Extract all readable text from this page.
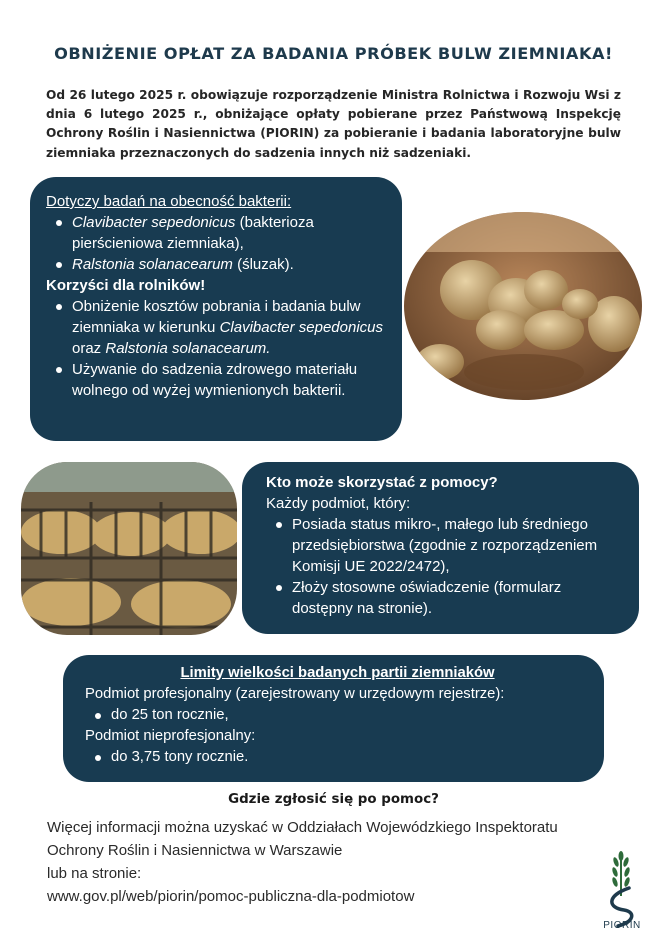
OBNIŻENIE OPŁAT ZA BADANIA PRÓBEK BULW ZIEMNIAKA!
Od 26 lutego 2025 r. obowiązuje rozporządzenie Ministra Rolnictwa i Rozwoju Wsi z dnia 6 lutego 2025 r., obniżające opłaty pobierane przez Państwową Inspekcję Ochrony Roślin i Nasiennictwa (PIORIN) za pobieranie i badania laboratoryjne bulw ziemniaka przeznaczonych do sadzenia innych niż sadzeniaki.
Dotyczy badań na obecność bakterii:
Clavibacter sepedonicus (bakterioza pierścieniowa ziemniaka),
Ralstonia solanacearum (śluzak).
Korzyści dla rolników!
Obniżenie kosztów pobrania i badania bulw ziemniaka w kierunku Clavibacter sepedonicus oraz Ralstonia solanacearum.
Używanie do sadzenia zdrowego materiału wolnego od wyżej wymienionych bakterii.
Kto może skorzystać z pomocy?
Każdy podmiot, który:
Posiada status mikro-, małego lub średniego przedsiębiorstwa (zgodnie z rozporządzeniem Komisji UE 2022/2472),
Złoży stosowne oświadczenie (formularz dostępny na stronie).
Limity wielkości badanych partii ziemniaków
Podmiot profesjonalny (zarejestrowany w urzędowym rejestrze):
do 25 ton rocznie,
Podmiot nieprofesjonalny:
do 3,75 tony rocznie.
Gdzie zgłosić się po pomoc?
Więcej informacji można uzyskać w Oddziałach Wojewódzkiego Inspektoratu
Ochrony Roślin i Nasiennictwa w Warszawie
lub na stronie:
www.gov.pl/web/piorin/pomoc-publiczna-dla-podmiotow
PIORIN
